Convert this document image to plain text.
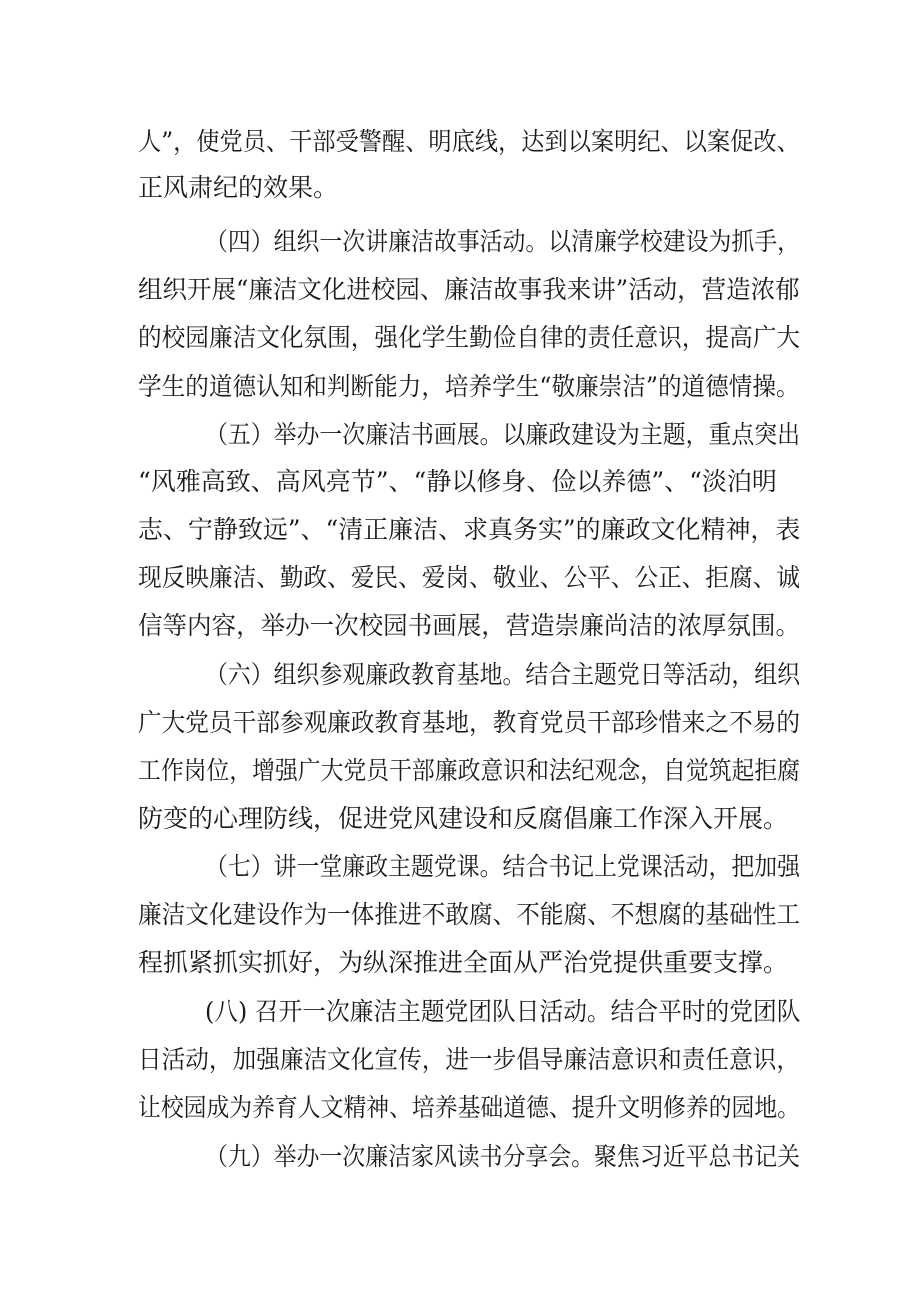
人”，使党员、干部受警醒、明底线，达到以案明纪、以案促改、
正风肃纪的效果。
（四）组织一次讲廉洁故事活动。以清廉学校建设为抓手，
组织开展“廉洁文化进校园、廉洁故事我来讲”活动，营造浓郁
的校园廉洁文化氛围，强化学生勤俭自律的责任意识，提高广大
学生的道德认知和判断能力，培养学生“敬廉崇洁”的道德情操。
（五）举办一次廉洁书画展。以廉政建设为主题，重点突出
“风雅高致、高风亮节”、“静以修身、俭以养德”、“淡泊明
志、宁静致远”、“清正廉洁、求真务实”的廉政文化精神，表
现反映廉洁、勤政、爱民、爱岗、敬业、公平、公正、拒腐、诚
信等内容，举办一次校园书画展，营造崇廉尚洁的浓厚氛围。
（六）组织参观廉政教育基地。结合主题党日等活动，组织
广大党员干部参观廉政教育基地，教育党员干部珍惜来之不易的
工作岗位，增强广大党员干部廉政意识和法纪观念，自觉筑起拒腐
防变的心理防线，促进党风建设和反腐倡廉工作深入开展。
（七）讲一堂廉政主题党课。结合书记上党课活动，把加强
廉洁文化建设作为一体推进不敢腐、不能腐、不想腐的基础性工
程抓紧抓实抓好，为纵深推进全面从严治党提供重要支撑。
(八) 召开一次廉洁主题党团队日活动。结合平时的党团队
日活动，加强廉洁文化宣传，进一步倡导廉洁意识和责任意识，
让校园成为养育人文精神、培养基础道德、提升文明修养的园地。
（九）举办一次廉洁家风读书分享会。聚焦习近平总书记关
